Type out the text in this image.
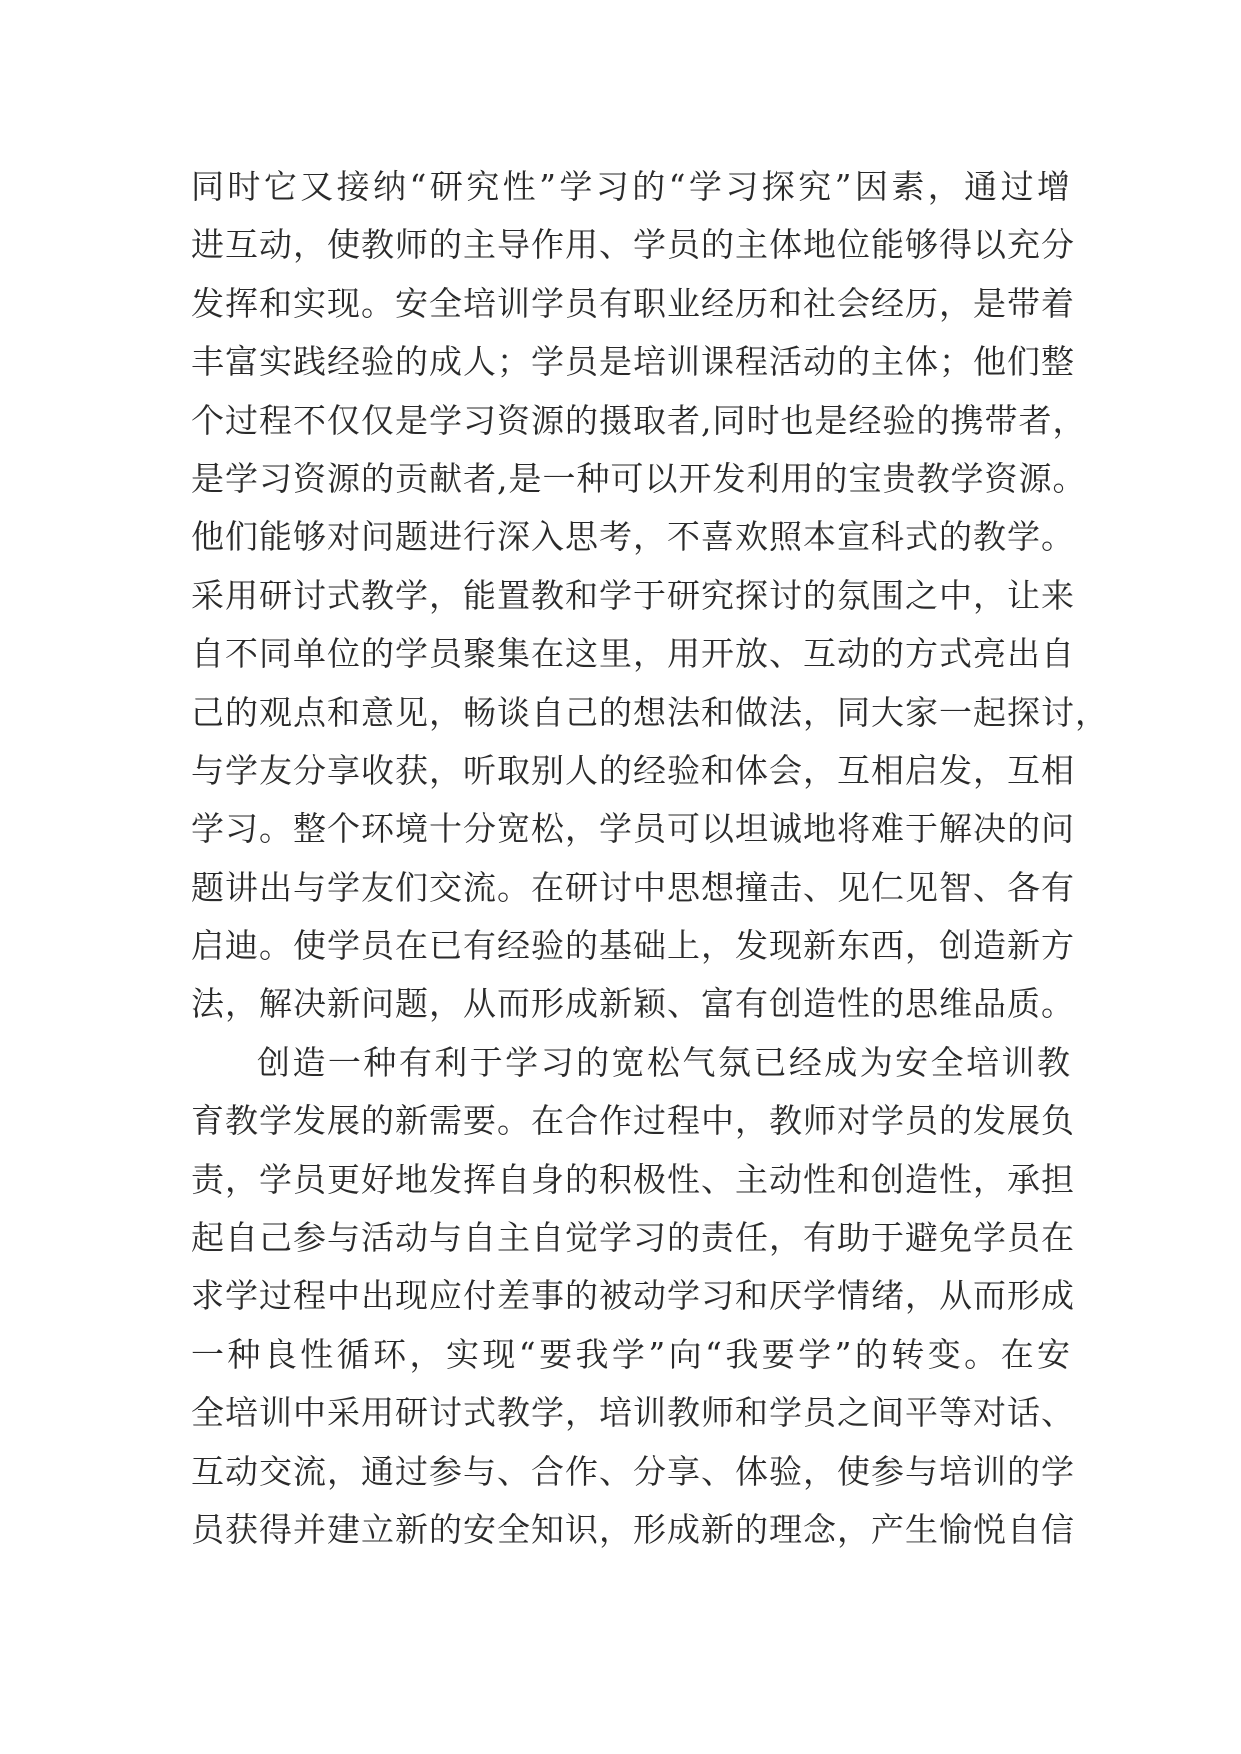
同时它又接纳“研究性”学习的“学习探究”因素，通过增
进互动，使教师的主导作用、学员的主体地位能够得以充分
发挥和实现。安全培训学员有职业经历和社会经历，是带着
丰富实践经验的成人；学员是培训课程活动的主体；他们整
个过程不仅仅是学习资源的摄取者,同时也是经验的携带者，
是学习资源的贡献者,是一种可以开发利用的宝贵教学资源。
他们能够对问题进行深入思考，不喜欢照本宣科式的教学。
采用研讨式教学，能置教和学于研究探讨的氛围之中，让来
自不同单位的学员聚集在这里，用开放、互动的方式亮出自
己的观点和意见，畅谈自己的想法和做法，同大家一起探讨，
与学友分享收获，听取别人的经验和体会，互相启发，互相
学习。整个环境十分宽松，学员可以坦诚地将难于解决的问
题讲出与学友们交流。在研讨中思想撞击、见仁见智、各有
启迪。使学员在已有经验的基础上，发现新东西，创造新方
法，解决新问题，从而形成新颖、富有创造性的思维品质。
创造一种有利于学习的宽松气氛已经成为安全培训教
育教学发展的新需要。在合作过程中，教师对学员的发展负
责，学员更好地发挥自身的积极性、主动性和创造性，承担
起自己参与活动与自主自觉学习的责任，有助于避免学员在
求学过程中出现应付差事的被动学习和厌学情绪，从而形成
一种良性循环，实现“要我学”向“我要学”的转变。在安
全培训中采用研讨式教学，培训教师和学员之间平等对话、
互动交流，通过参与、合作、分享、体验，使参与培训的学
员获得并建立新的安全知识，形成新的理念，产生愉悦自信
